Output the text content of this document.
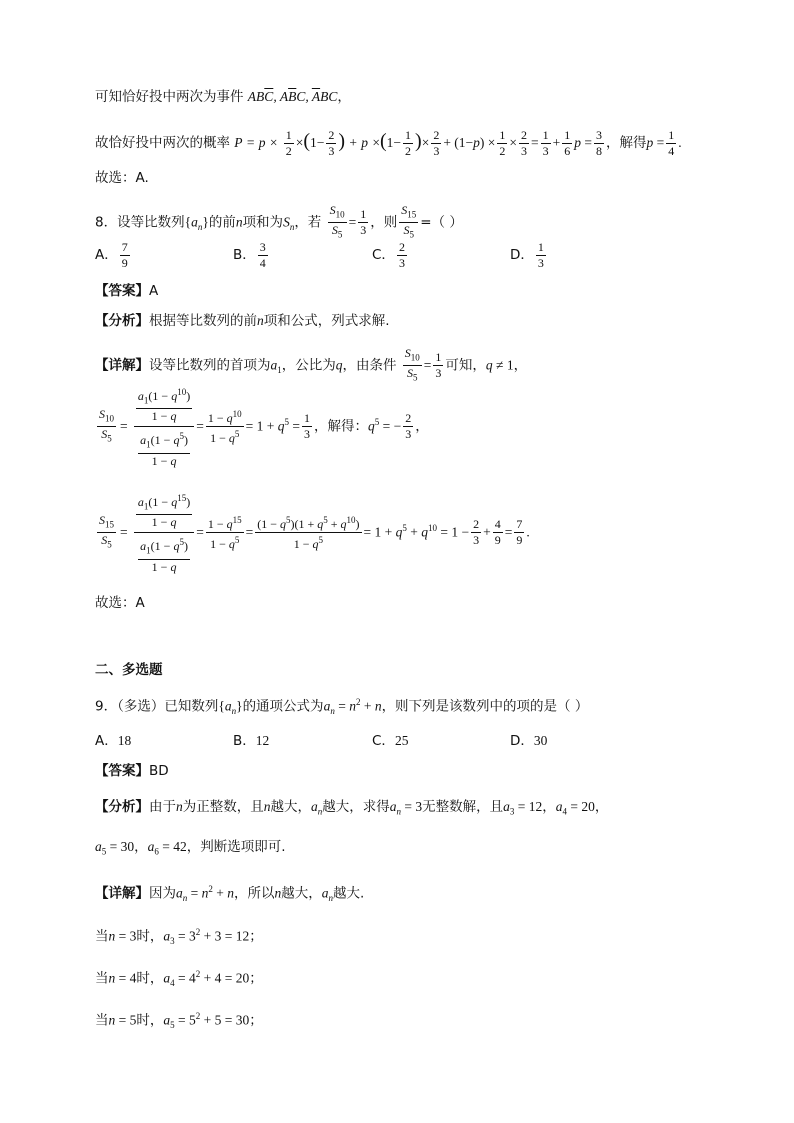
可知恰好投中两次为事件 $AB\overline{C}$, $A\overline{B}C$, $\overline{A}BC$，
故恰好投中两次的概率 $P = p \times \frac{1}{2} \times(1- \frac{2}{3}$ ) + $p \times(1- \frac{1}{2}$ )× $\frac{2}{3} + (1-p) \times \frac{1}{2} \times \frac{2}{3} = \frac{1}{3} + \frac{1}{6}$ $p = \frac{3}{8}$ ，解得$p = \frac{1}{4}$ .
故选：A.
8．设等比数列$\{a_n\}$的前n项和为$S_n$，若 $\frac{S_{10}}{S_5} = \frac{1}{3}$ ，则 $\frac{S_{15}}{S_5}$ =（ ）
A． $\frac{7}{9}$	B． $\frac{3}{4}$	C． $\frac{2}{3}$	D． $\frac{1}{3}$
【答案】A
【分析】根据等比数列的前n项和公式，列式求解.
【详解】设等比数列的首项为$a_1$，公比为q，由条件 $\frac{S_{10}}{S_5} = \frac{1}{3}$ 可知，q ≠ 1，
$\frac{S_{10}}{S_5} = \frac{\frac{a_1(1 - q^{10})}{1 - q}}{\frac{a_1(1 - q^5)}{1 - q}} = \frac{1 - q^{10}}{1 - q^5} = 1 + q^5 = \frac{1}{3}$ ，解得：$q^5$ = − $\frac{2}{3}$ ，
$\frac{S_{15}}{S_5} = \frac{\frac{a_1(1 - q^{15})}{1 - q}}{\frac{a_1(1 - q^5)}{1 - q}} = \frac{1 - q^{15}}{1 - q^5} = \frac{(1 - q^5)(1 + q^5 + q^{10})}{1 - q^5} = 1 + q^5 + q^{10} = 1 - \frac{2}{3} + \frac{4}{9} = \frac{7}{9}$ .
故选：A
二、多选题
9．（多选）已知数列$\{a_n\}$的通项公式为$a_n = n^2 + n$，则下列是该数列中的项的是（ ）
A．18	B．12	C．25	D．30
【答案】BD
【分析】由于n为正整数，且n越大，$a_n$越大，求得$a_n = 3$无整数解，且$a_3 = 12$，$a_4 = 20$，
$a_5 = 30$，$a_6 = 42$，判断选项即可.
【详解】因为$a_n = n^2 + n$，所以n越大，$a_n$越大.
当n = 3时，$a_3 = 3^2 + 3 = 12$；
当n = 4时，$a_4 = 4^2 + 4 = 20$；
当n = 5时，$a_5 = 5^2 + 5 = 30$；
